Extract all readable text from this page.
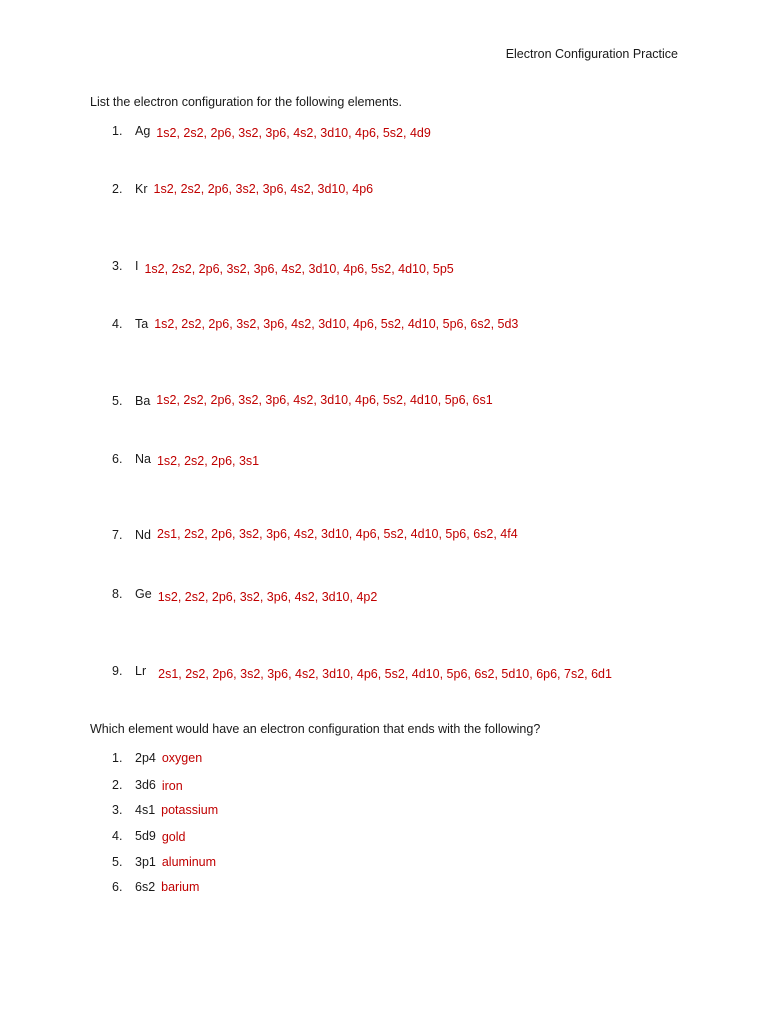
Electron Configuration Practice
List the electron configuration for the following elements.
1. Ag 1s2, 2s2, 2p6, 3s2, 3p6, 4s2, 3d10, 4p6, 5s2, 4d9
2. Kr 1s2, 2s2, 2p6, 3s2, 3p6, 4s2, 3d10, 4p6
3. I 1s2, 2s2, 2p6, 3s2, 3p6, 4s2, 3d10, 4p6, 5s2, 4d10, 5p5
4. Ta 1s2, 2s2, 2p6, 3s2, 3p6, 4s2, 3d10, 4p6, 5s2, 4d10, 5p6, 6s2, 5d3
5. Ba 1s2, 2s2, 2p6, 3s2, 3p6, 4s2, 3d10, 4p6, 5s2, 4d10, 5p6, 6s1
6. Na 1s2, 2s2, 2p6, 3s1
7. Nd 2s1, 2s2, 2p6, 3s2, 3p6, 4s2, 3d10, 4p6, 5s2, 4d10, 5p6, 6s2, 4f4
8. Ge 1s2, 2s2, 2p6, 3s2, 3p6, 4s2, 3d10, 4p2
9. Lr 2s1, 2s2, 2p6, 3s2, 3p6, 4s2, 3d10, 4p6, 5s2, 4d10, 5p6, 6s2, 5d10, 6p6, 7s2, 6d1
Which element would have an electron configuration that ends with the following?
1. 2p4 oxygen
2. 3d6 iron
3. 4s1 potassium
4. 5d9 gold
5. 3p1 aluminum
6. 6s2 barium
